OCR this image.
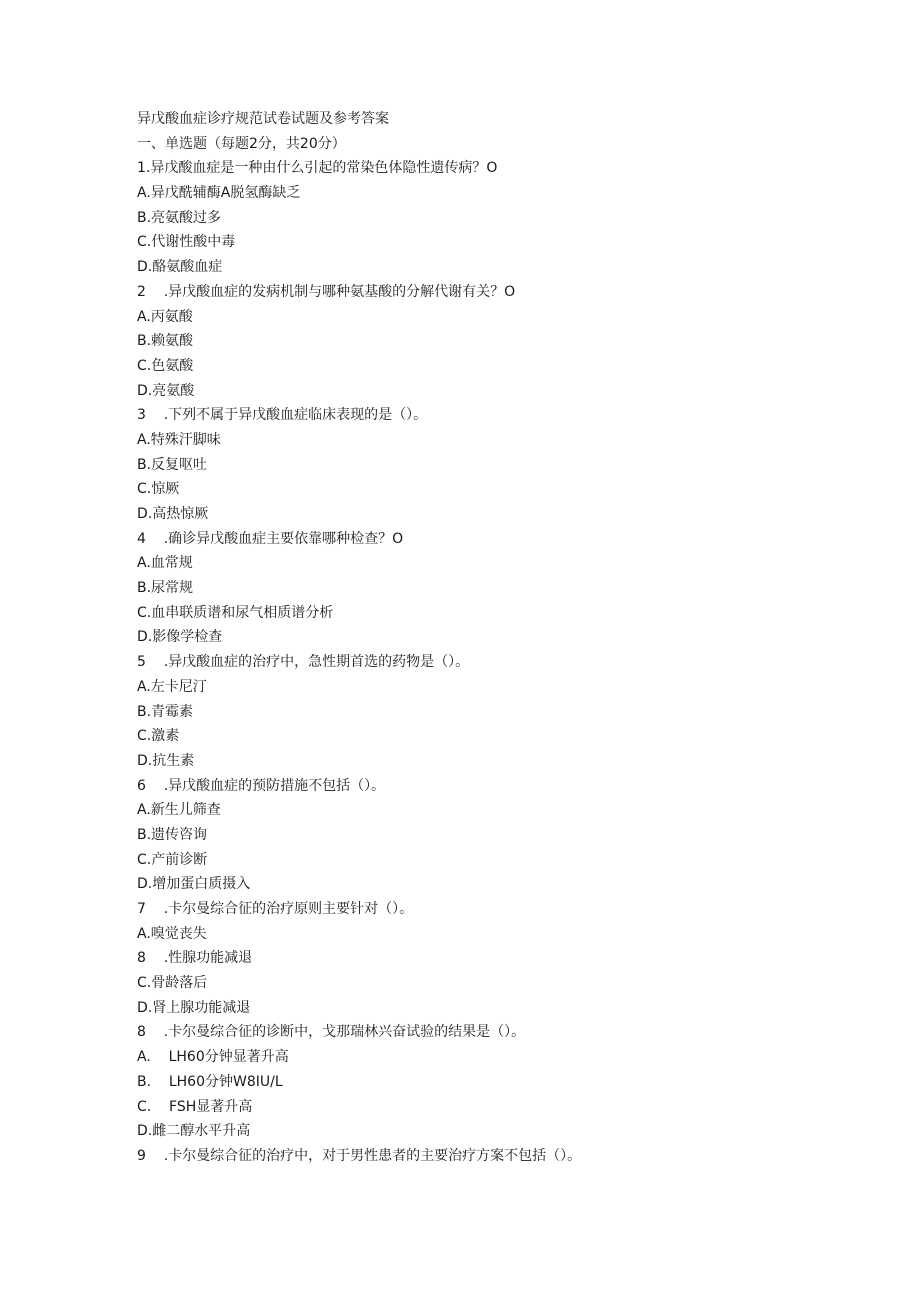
异戊酸血症诊疗规范试卷试题及参考答案
一、单选题（每题2分，共20分）
1.异戊酸血症是一种由什么引起的常染色体隐性遗传病？O
A.异戊酰辅酶A脱氢酶缺乏
B.亮氨酸过多
C.代谢性酸中毒
D.酪氨酸血症
2    .异戊酸血症的发病机制与哪种氨基酸的分解代谢有关？O
A.丙氨酸
B.赖氨酸
C.色氨酸
D.亮氨酸
3    .下列不属于异戊酸血症临床表现的是（）。
A.特殊汗脚味
B.反复呕吐
C.惊厥
D.高热惊厥
4    .确诊异戊酸血症主要依靠哪种检查？O
A.血常规
B.尿常规
C.血串联质谱和尿气相质谱分析
D.影像学检查
5    .异戊酸血症的治疗中，急性期首选的药物是（）。
A.左卡尼汀
B.青霉素
C.激素
D.抗生素
6    .异戊酸血症的预防措施不包括（）。
A.新生儿筛查
B.遗传咨询
C.产前诊断
D.增加蛋白质摄入
7    .卡尔曼综合征的治疗原则主要针对（）。
A.嗅觉丧失
8    .性腺功能减退
C.骨龄落后
D.肾上腺功能减退
8    .卡尔曼综合征的诊断中，戈那瑞林兴奋试验的结果是（）。
A.    LH60分钟显著升高
B.    LH60分钟W8IU/L
C.    FSH显著升高
D.雌二醇水平升高
9    .卡尔曼综合征的治疗中，对于男性患者的主要治疗方案不包括（）。
